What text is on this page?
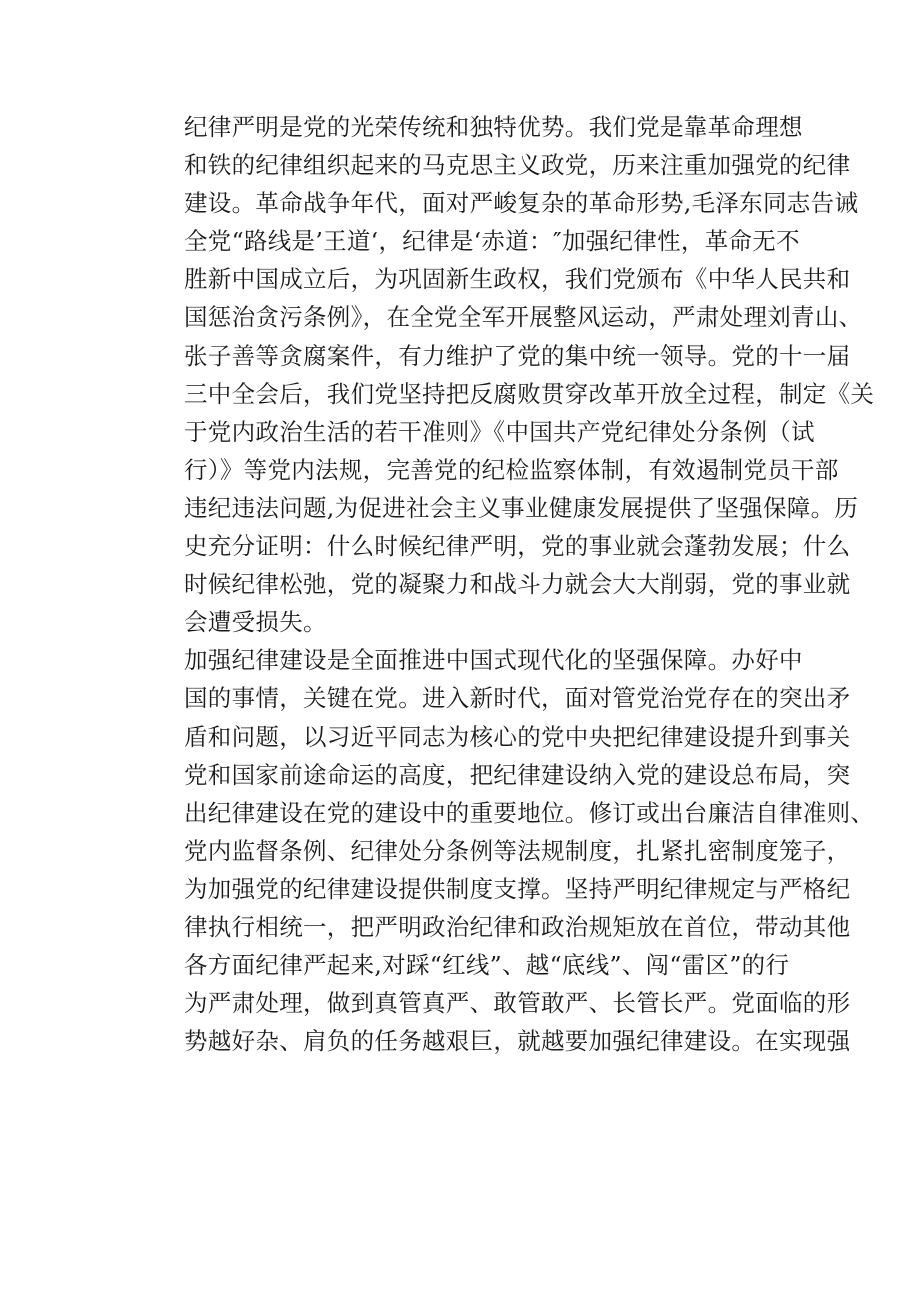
纪律严明是党的光荣传统和独特优势。我们党是靠革命理想
和铁的纪律组织起来的马克思主义政党，历来注重加强党的纪律
建设。革命战争年代，面对严峻复杂的革命形势,毛泽东同志告诫
全党“路线是’王道‘，纪律是‘赤道：″加强纪律性，革命无不
胜新中国成立后，为巩固新生政权，我们党颁布《中华人民共和
国惩治贪污条例》，在全党全军开展整风运动，严肃处理刘青山、
张子善等贪腐案件，有力维护了党的集中统一领导。党的十一届
三中全会后，我们党坚持把反腐败贯穿改革开放全过程，制定《关
于党内政治生活的若干准则》《中国共产党纪律处分条例（试
行）》等党内法规，完善党的纪检监察体制，有效遏制党员干部
违纪违法问题,为促进社会主义事业健康发展提供了坚强保障。历
史充分证明：什么时候纪律严明，党的事业就会蓬勃发展；什么
时候纪律松弛，党的凝聚力和战斗力就会大大削弱，党的事业就
会遭受损失。

加强纪律建设是全面推进中国式现代化的坚强保障。办好中
国的事情，关键在党。进入新时代，面对管党治党存在的突出矛
盾和问题，以习近平同志为核心的党中央把纪律建设提升到事关
党和国家前途命运的高度，把纪律建设纳入党的建设总布局，突
出纪律建设在党的建设中的重要地位。修订或出台廉洁自律准则、
党内监督条例、纪律处分条例等法规制度，扎紧扎密制度笼子，
为加强党的纪律建设提供制度支撑。坚持严明纪律规定与严格纪
律执行相统一，把严明政治纪律和政治规矩放在首位，带动其他
各方面纪律严起来,对踩“红线”、越“底线”、闯“雷区”的行
为严肃处理，做到真管真严、敢管敢严、长管长严。党面临的形
势越好杂、肩负的任务越艰巨，就越要加强纪律建设。在实现强
